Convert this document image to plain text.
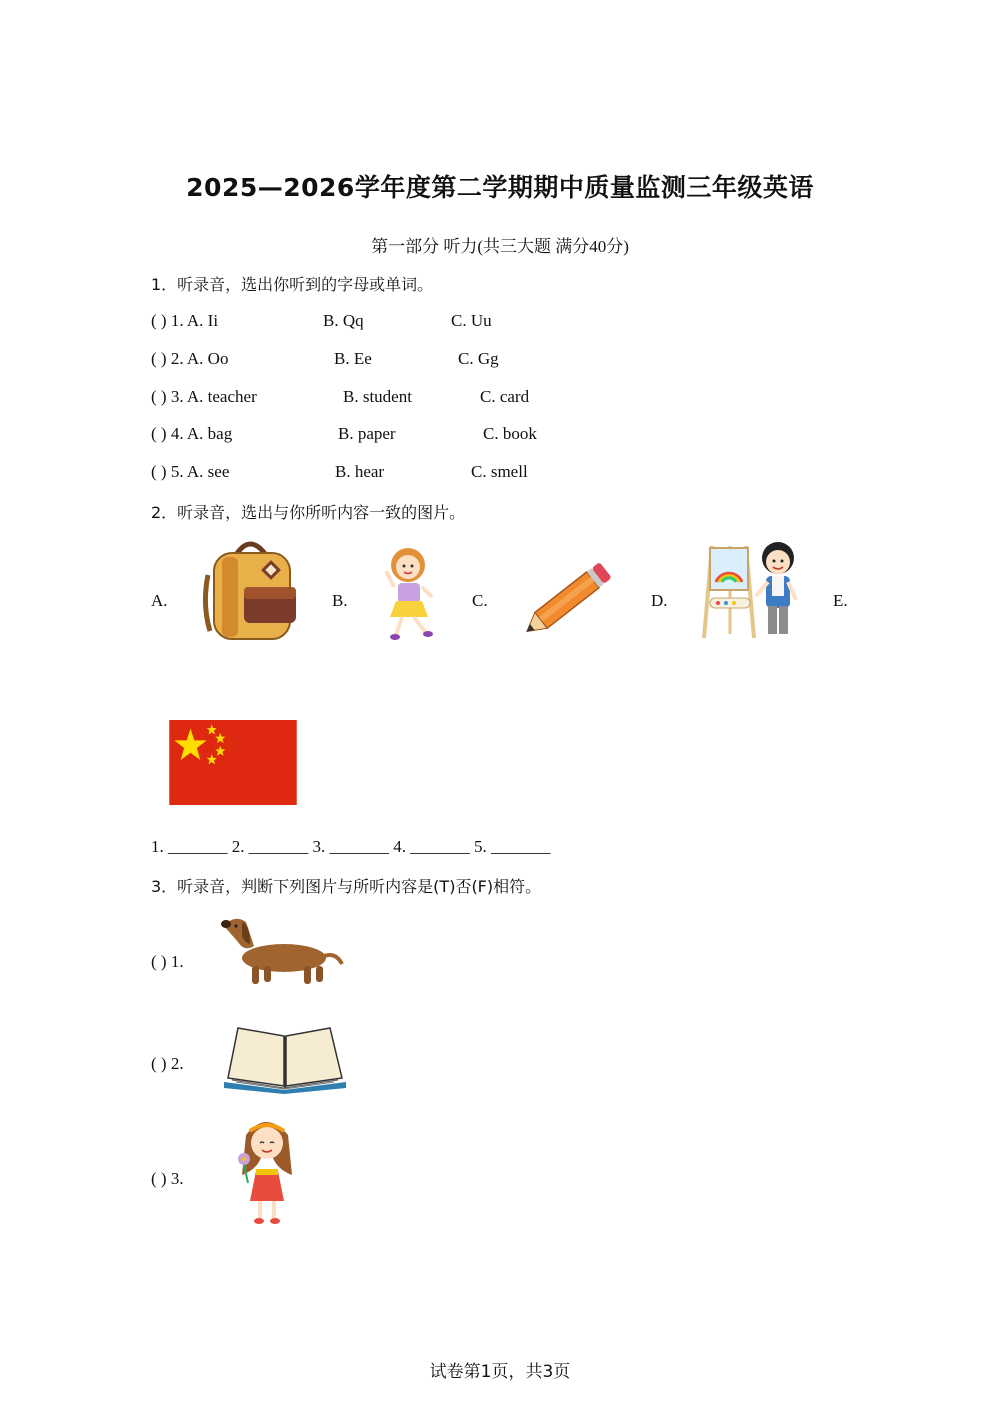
2025—2026学年度第二学期期中质量监测三年级英语
第一部分 听力(共三大题 满分40分)
1．听录音，选出你听到的字母或单词。
( ) 1. A. Ii	B. Qq	C. Uu
( ) 2. A. Oo	B. Ee	C. Gg
( ) 3. A. teacher	B. student	C. card
( ) 4. A. bag	B. paper	C. book
( ) 5. A. see	B. hear	C. smell
2．听录音，选出与你所听内容一致的图片。
A.	B.	C.	D.	E.
1. _______ 2. _______ 3. _______ 4. _______ 5. _______
3．听录音，判断下列图片与所听内容是(T)否(F)相符。
( ) 1.
( ) 2.
( ) 3.
试卷第1页，共3页
